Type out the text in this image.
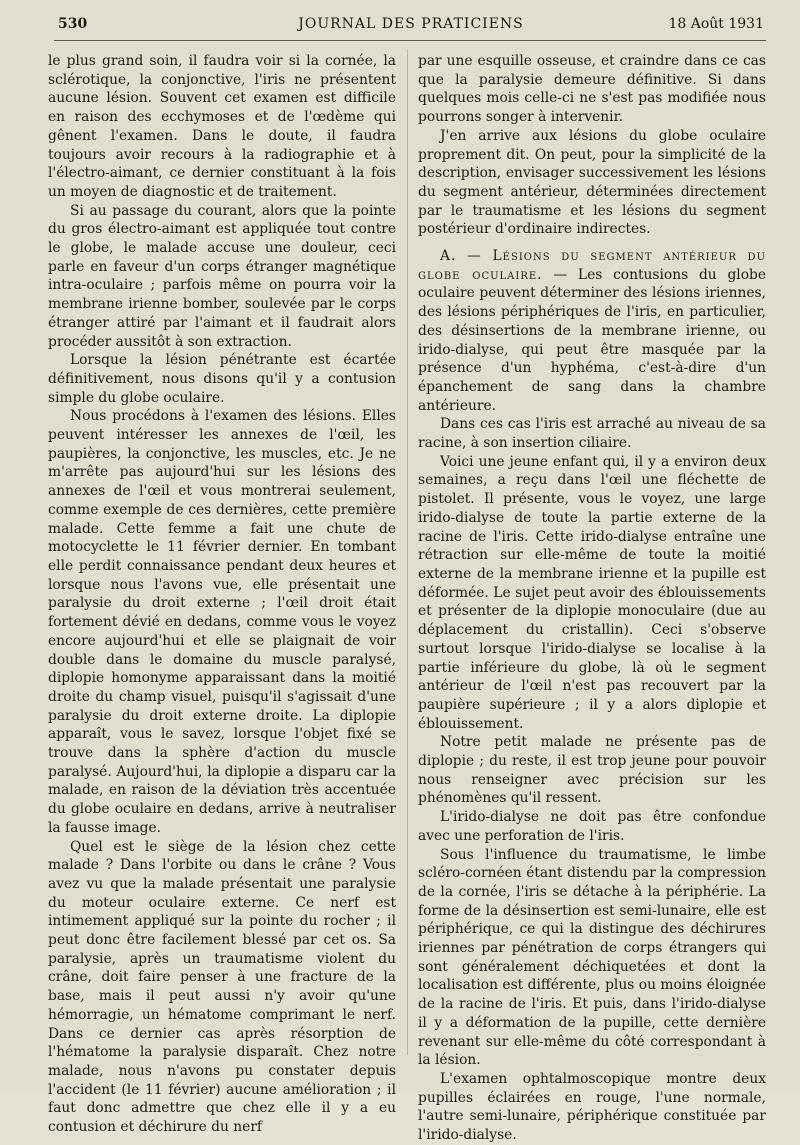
530	JOURNAL DES PRATICIENS	18 Août 1931

le plus grand soin, il faudra voir si la cornée, la sclérotique, la conjonctive, l'iris ne présentent aucune lésion. Souvent cet examen est difficile en raison des ecchymoses et de l'œdème qui gênent l'examen. Dans le doute, il faudra toujours avoir recours à la radiographie et à l'électro-aimant, ce dernier constituant à la fois un moyen de diagnostic et de traitement.

Si au passage du courant, alors que la pointe du gros électro-aimant est appliquée tout contre le globe, le malade accuse une douleur, ceci parle en faveur d'un corps étranger magnétique intra-oculaire ; parfois même on pourra voir la membrane irienne bomber, soulevée par le corps étranger attiré par l'aimant et il faudrait alors procéder aussitôt à son extraction.

Lorsque la lésion pénétrante est écartée définitivement, nous disons qu'il y a contusion simple du globe oculaire.

Nous procédons à l'examen des lésions. Elles peuvent intéresser les annexes de l'œil, les paupières, la conjonctive, les muscles, etc. Je ne m'arrête pas aujourd'hui sur les lésions des annexes de l'œil et vous montrerai seulement, comme exemple de ces dernières, cette première malade. Cette femme a fait une chute de motocyclette le 11 février dernier. En tombant elle perdit connaissance pendant deux heures et lorsque nous l'avons vue, elle présentait une paralysie du droit externe ; l'œil droit était fortement dévié en dedans, comme vous le voyez encore aujourd'hui et elle se plaignait de voir double dans le domaine du muscle paralysé, diplopie homonyme apparaissant dans la moitié droite du champ visuel, puisqu'il s'agissait d'une paralysie du droit externe droite. La diplopie apparaît, vous le savez, lorsque l'objet fixé se trouve dans la sphère d'action du muscle paralysé. Aujourd'hui, la diplopie a disparu car la malade, en raison de la déviation très accentuée du globe oculaire en dedans, arrive à neutraliser la fausse image.

Quel est le siège de la lésion chez cette malade ? Dans l'orbite ou dans le crâne ? Vous avez vu que la malade présentait une paralysie du moteur oculaire externe. Ce nerf est intimement appliqué sur la pointe du rocher ; il peut donc être facilement blessé par cet os. Sa paralysie, après un traumatisme violent du crâne, doit faire penser à une fracture de la base, mais il peut aussi n'y avoir qu'une hémorragie, un hématome comprimant le nerf. Dans ce dernier cas après résorption de l'hématome la paralysie disparaît. Chez notre malade, nous n'avons pu constater depuis l'accident (le 11 février) aucune amélioration ; il faut donc admettre que chez elle il y a eu contusion et déchirure du nerf

par une esquille osseuse, et craindre dans ce cas que la paralysie demeure définitive. Si dans quelques mois celle-ci ne s'est pas modifiée nous pourrons songer à intervenir.

J'en arrive aux lésions du globe oculaire proprement dit. On peut, pour la simplicité de la description, envisager successivement les lésions du segment antérieur, déterminées directement par le traumatisme et les lésions du segment postérieur d'ordinaire indirectes.

A. — Lésions du segment antérieur du globe oculaire. — Les contusions du globe oculaire peuvent déterminer des lésions iriennes, des lésions périphériques de l'iris, en particulier, des désinsertions de la membrane irienne, ou irido-dialyse, qui peut être masquée par la présence d'un hyphéma, c'est-à-dire d'un épanchement de sang dans la chambre antérieure.

Dans ces cas l'iris est arraché au niveau de sa racine, à son insertion ciliaire.

Voici une jeune enfant qui, il y a environ deux semaines, a reçu dans l'œil une fléchette de pistolet. Il présente, vous le voyez, une large irido-dialyse de toute la partie externe de la racine de l'iris. Cette irido-dialyse entraîne une rétraction sur elle-même de toute la moitié externe de la membrane irienne et la pupille est déformée. Le sujet peut avoir des éblouissements et présenter de la diplopie monoculaire (due au déplacement du cristallin). Ceci s'observe surtout lorsque l'irido-dialyse se localise à la partie inférieure du globe, là où le segment antérieur de l'œil n'est pas recouvert par la paupière supérieure ; il y a alors diplopie et éblouissement.

Notre petit malade ne présente pas de diplopie ; du reste, il est trop jeune pour pouvoir nous renseigner avec précision sur les phénomènes qu'il ressent.

L'irido-dialyse ne doit pas être confondue avec une perforation de l'iris.

Sous l'influence du traumatisme, le limbe scléro-cornéen étant distendu par la compression de la cornée, l'iris se détache à la périphérie. La forme de la désinsertion est semi-lunaire, elle est périphérique, ce qui la distingue des déchirures iriennes par pénétration de corps étrangers qui sont généralement déchiquetées et dont la localisation est différente, plus ou moins éloignée de la racine de l'iris. Et puis, dans l'irido-dialyse il y a déformation de la pupille, cette dernière revenant sur elle-même du côté correspondant à la lésion.

L'examen ophtalmoscopique montre deux pupilles éclairées en rouge, l'une normale, l'autre semi-lunaire, périphérique constituée par l'irido-dialyse.
